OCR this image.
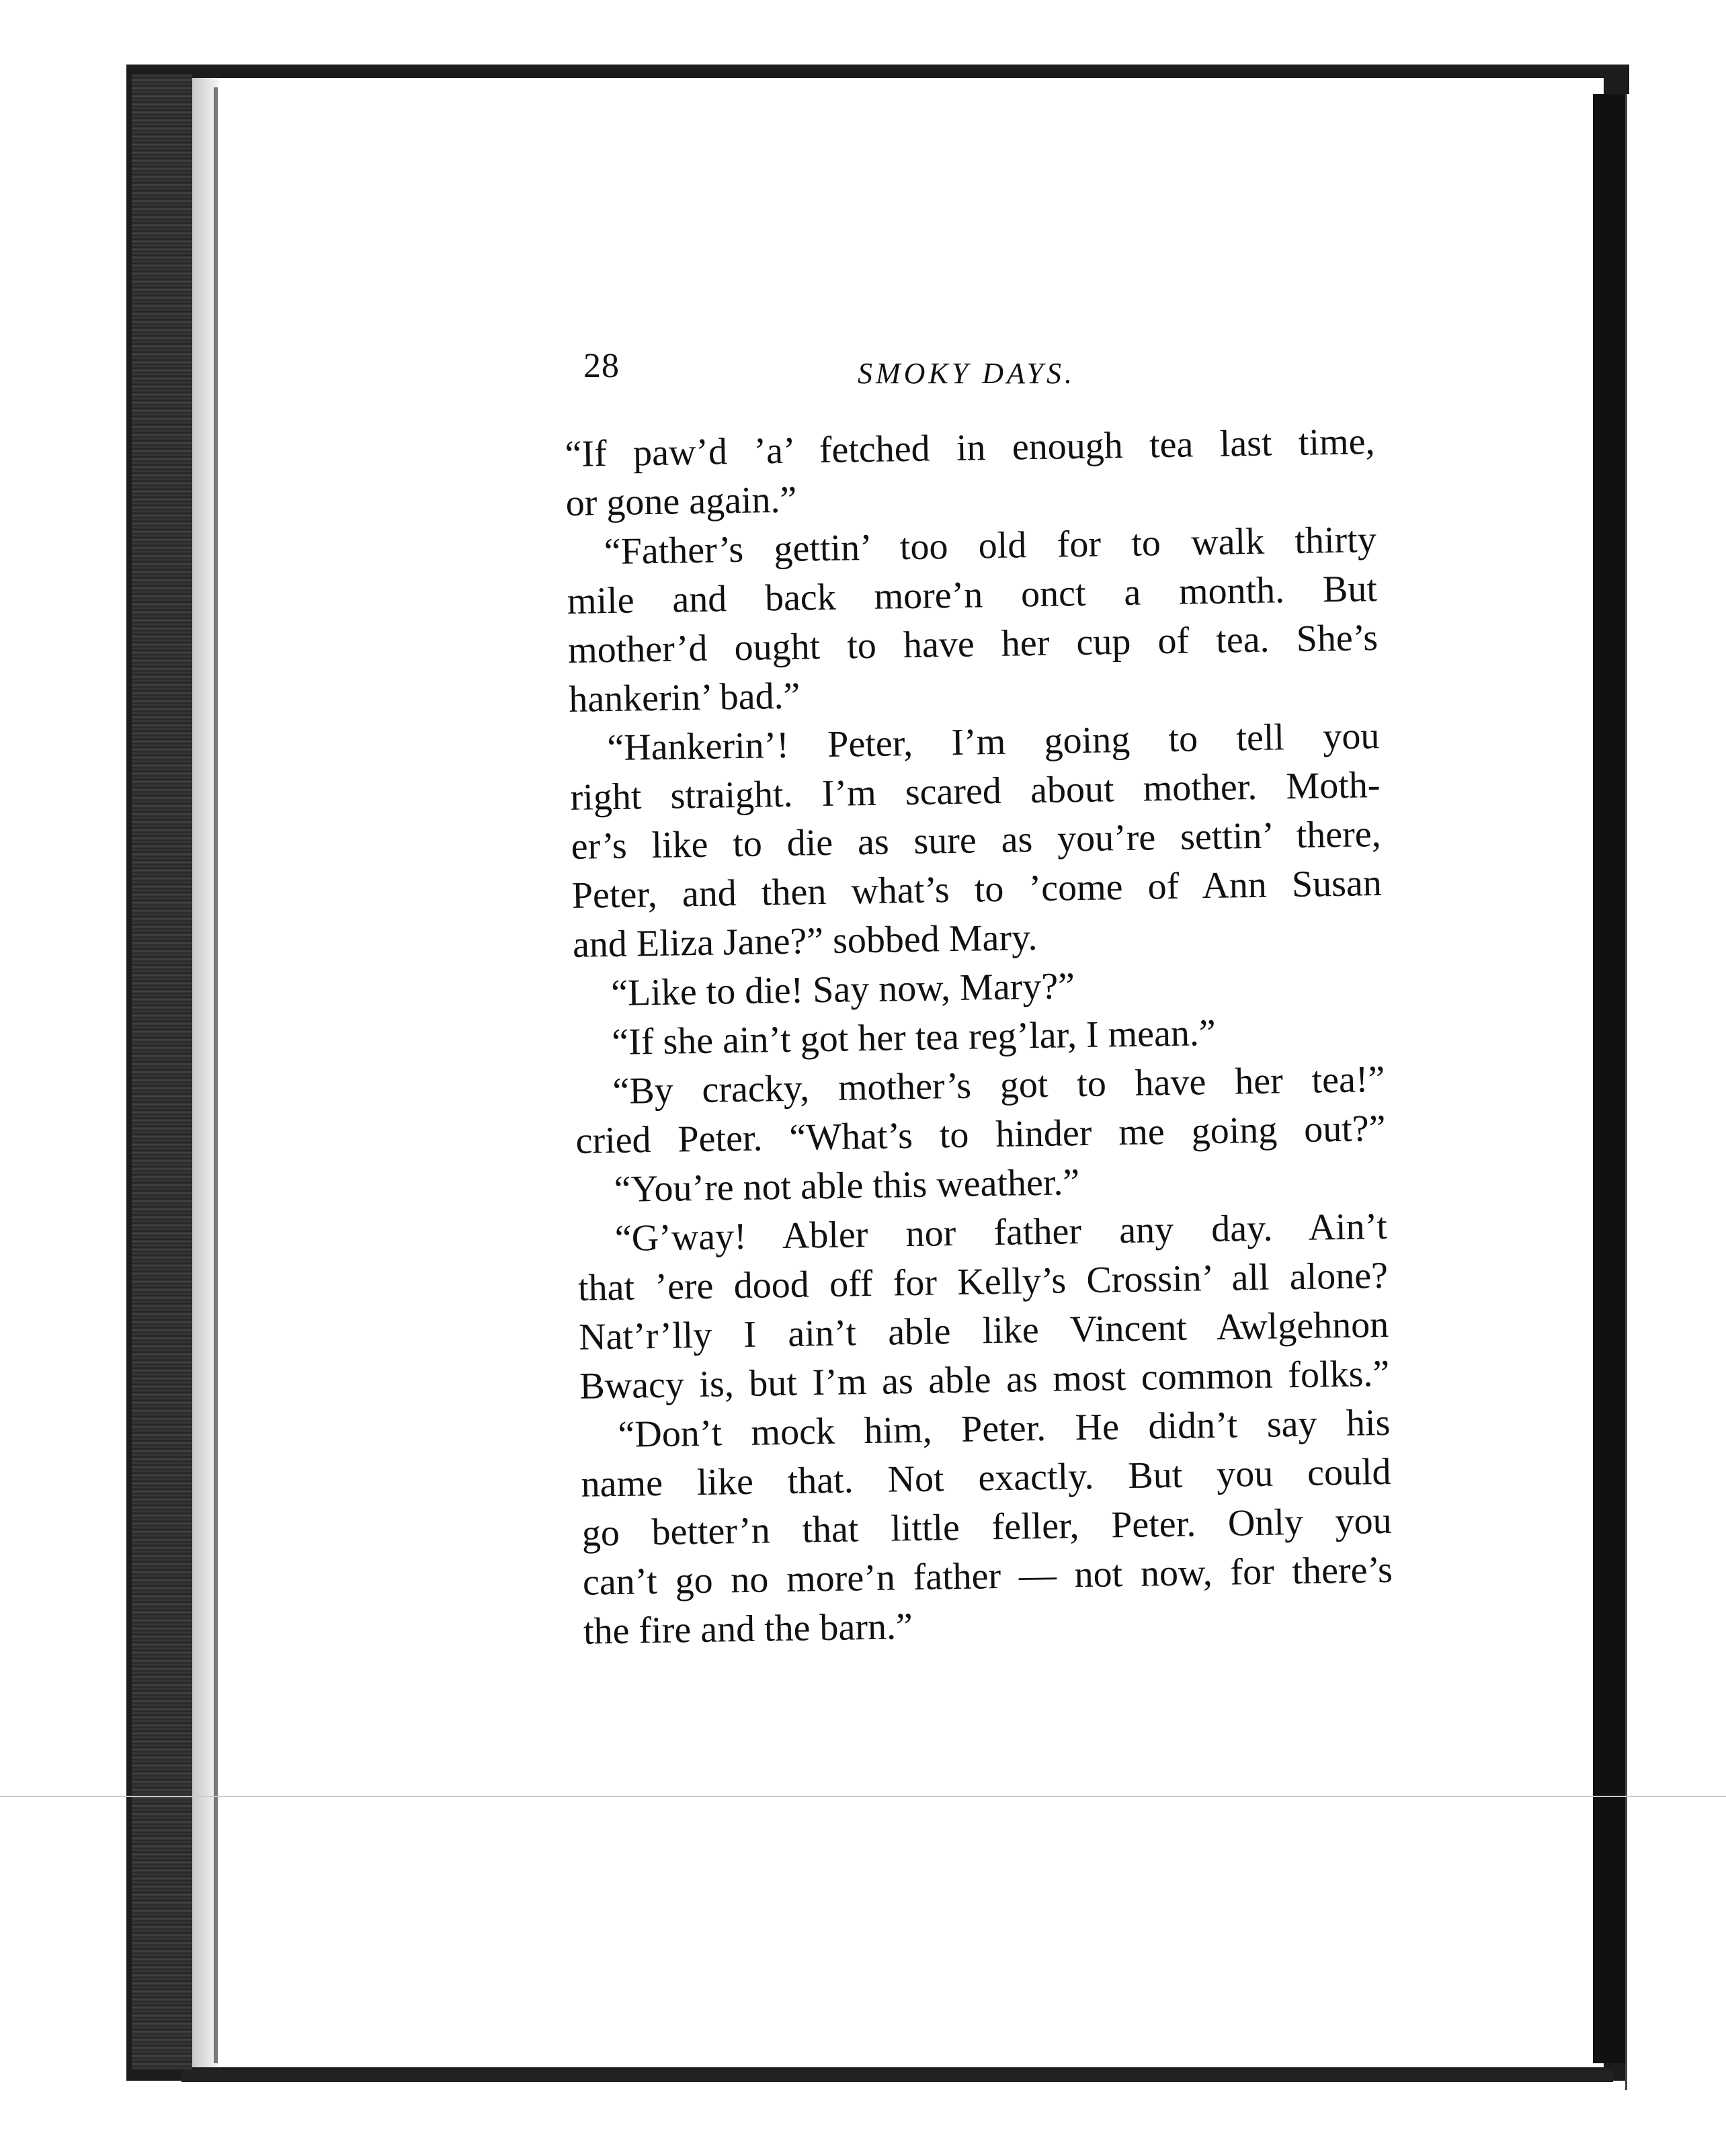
28	SMOKY DAYS.
“If paw’d ’a’ fetched in enough tea last time,
or gone again.”
“Father’s gettin’ too old for to walk thirty
mile and back more’n onct a month. But
mother’d ought to have her cup of tea. She’s
hankerin’ bad.”
“Hankerin’! Peter, I’m going to tell you
right straight. I’m scared about mother. Moth-
er’s like to die as sure as you’re settin’ there,
Peter, and then what’s to ’come of Ann Susan
and Eliza Jane?” sobbed Mary.
“Like to die! Say now, Mary?”
“If she ain’t got her tea reg’lar, I mean.”
“By cracky, mother’s got to have her tea!”
cried Peter. “What’s to hinder me going out?”
“You’re not able this weather.”
“G’way! Abler nor father any day. Ain’t
that ’ere dood off for Kelly’s Crossin’ all alone?
Nat’r’lly I ain’t able like Vincent Awlgehnon
Bwacy is, but I’m as able as most common folks.”
“Don’t mock him, Peter. He didn’t say his
name like that. Not exactly. But you could
go better’n that little feller, Peter. Only you
can’t go no more’n father — not now, for there’s
the fire and the barn.”
